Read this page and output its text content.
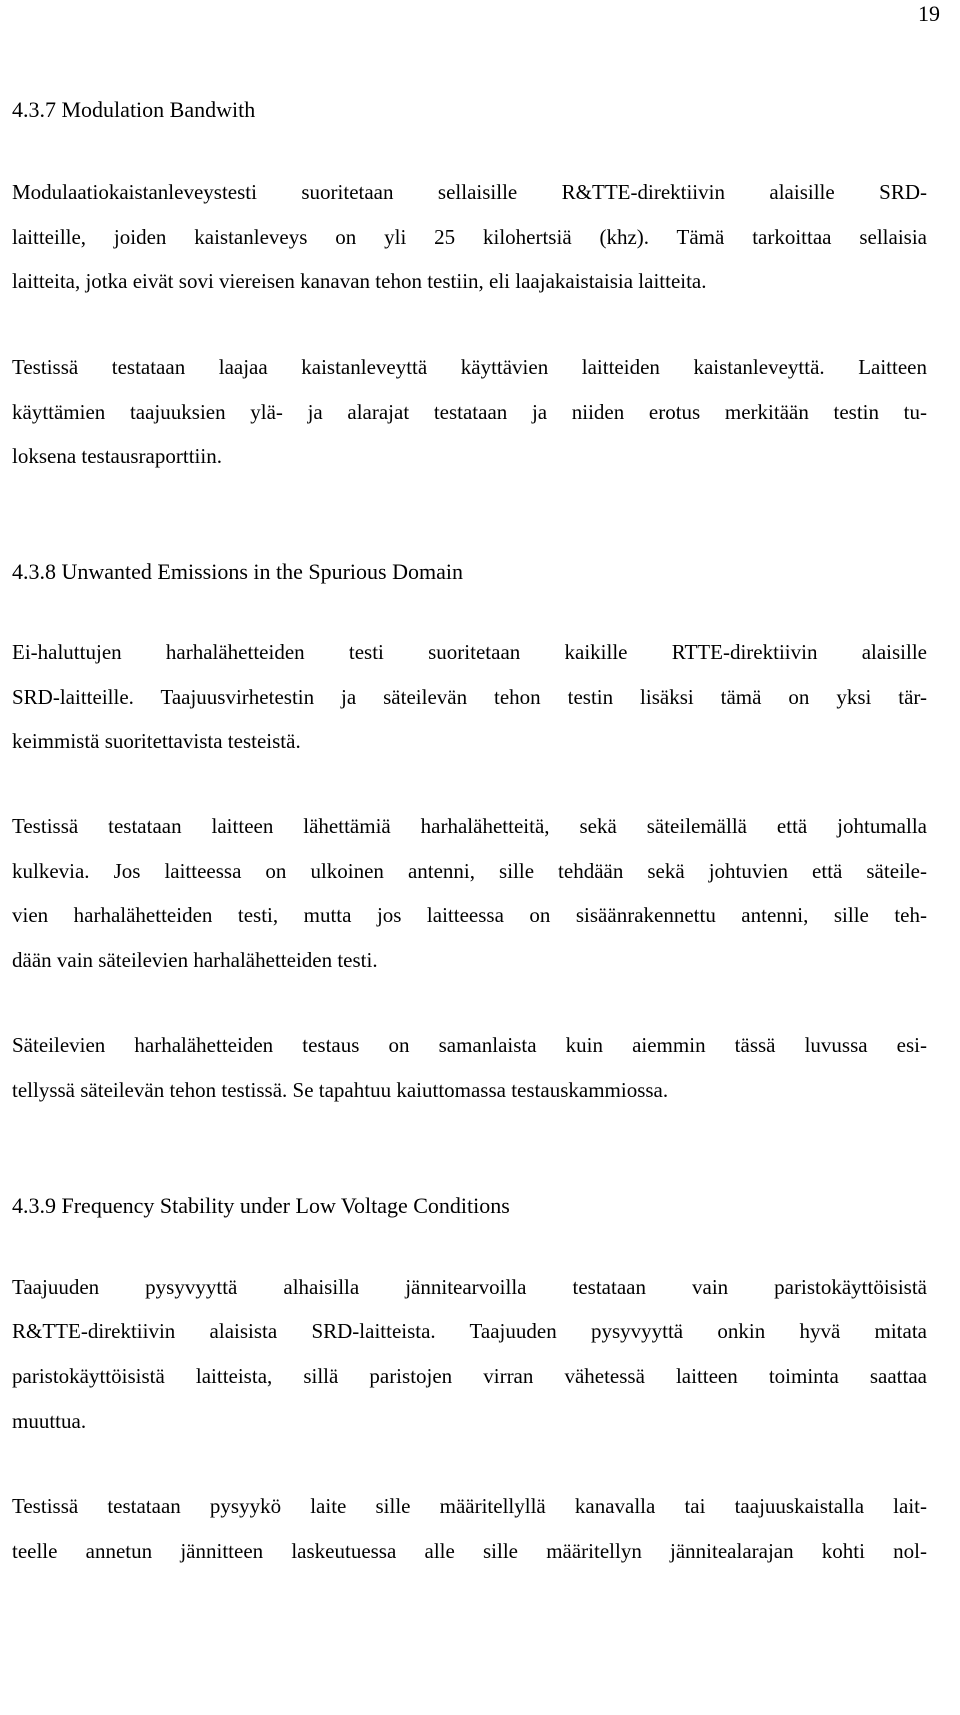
19
4.3.7 Modulation Bandwith
Modulaatiokaistanleveystesti suoritetaan sellaisille R&TTE-direktiivin alaisille SRD-
laitteille, joiden kaistanleveys on yli 25 kilohertsiä (khz). Tämä tarkoittaa sellaisia
laitteita, jotka eivät sovi viereisen kanavan tehon testiin, eli laajakaistaisia laitteita.
Testissä testataan laajaa kaistanleveyttä käyttävien laitteiden kaistanleveyttä. Laitteen
käyttämien taajuuksien ylä- ja alarajat testataan ja niiden erotus merkitään testin tu-
loksena testausraporttiin.
4.3.8 Unwanted Emissions in the Spurious Domain
Ei-haluttujen harhalähetteiden testi suoritetaan kaikille RTTE-direktiivin alaisille
SRD-laitteille. Taajuusvirhetestin ja säteilevän tehon testin lisäksi tämä on yksi tär-
keimmistä suoritettavista testeistä.
Testissä testataan laitteen lähettämiä harhalähetteitä, sekä säteilemällä että johtumalla
kulkevia. Jos laitteessa on ulkoinen antenni, sille tehdään sekä johtuvien että säteile-
vien harhalähetteiden testi, mutta jos laitteessa on sisäänrakennettu antenni, sille teh-
dään vain säteilevien harhalähetteiden testi.
Säteilevien harhalähetteiden testaus on samanlaista kuin aiemmin tässä luvussa esi-
tellyssä säteilevän tehon testissä. Se tapahtuu kaiuttomassa testauskammiossa.
4.3.9 Frequency Stability under Low Voltage Conditions
Taajuuden pysyvyyttä alhaisilla jännitearvoilla testataan vain paristokäyttöisistä
R&TTE-direktiivin alaisista SRD-laitteista. Taajuuden pysyvyyttä onkin hyvä mitata
paristokäyttöisistä laitteista, sillä paristojen virran vähetessä laitteen toiminta saattaa
muuttua.
Testissä testataan pysyykö laite sille määritellyllä kanavalla tai taajuuskaistalla lait-
teelle annetun jännitteen laskeutuessa alle sille määritellyn jännitealarajan kohti nol-
